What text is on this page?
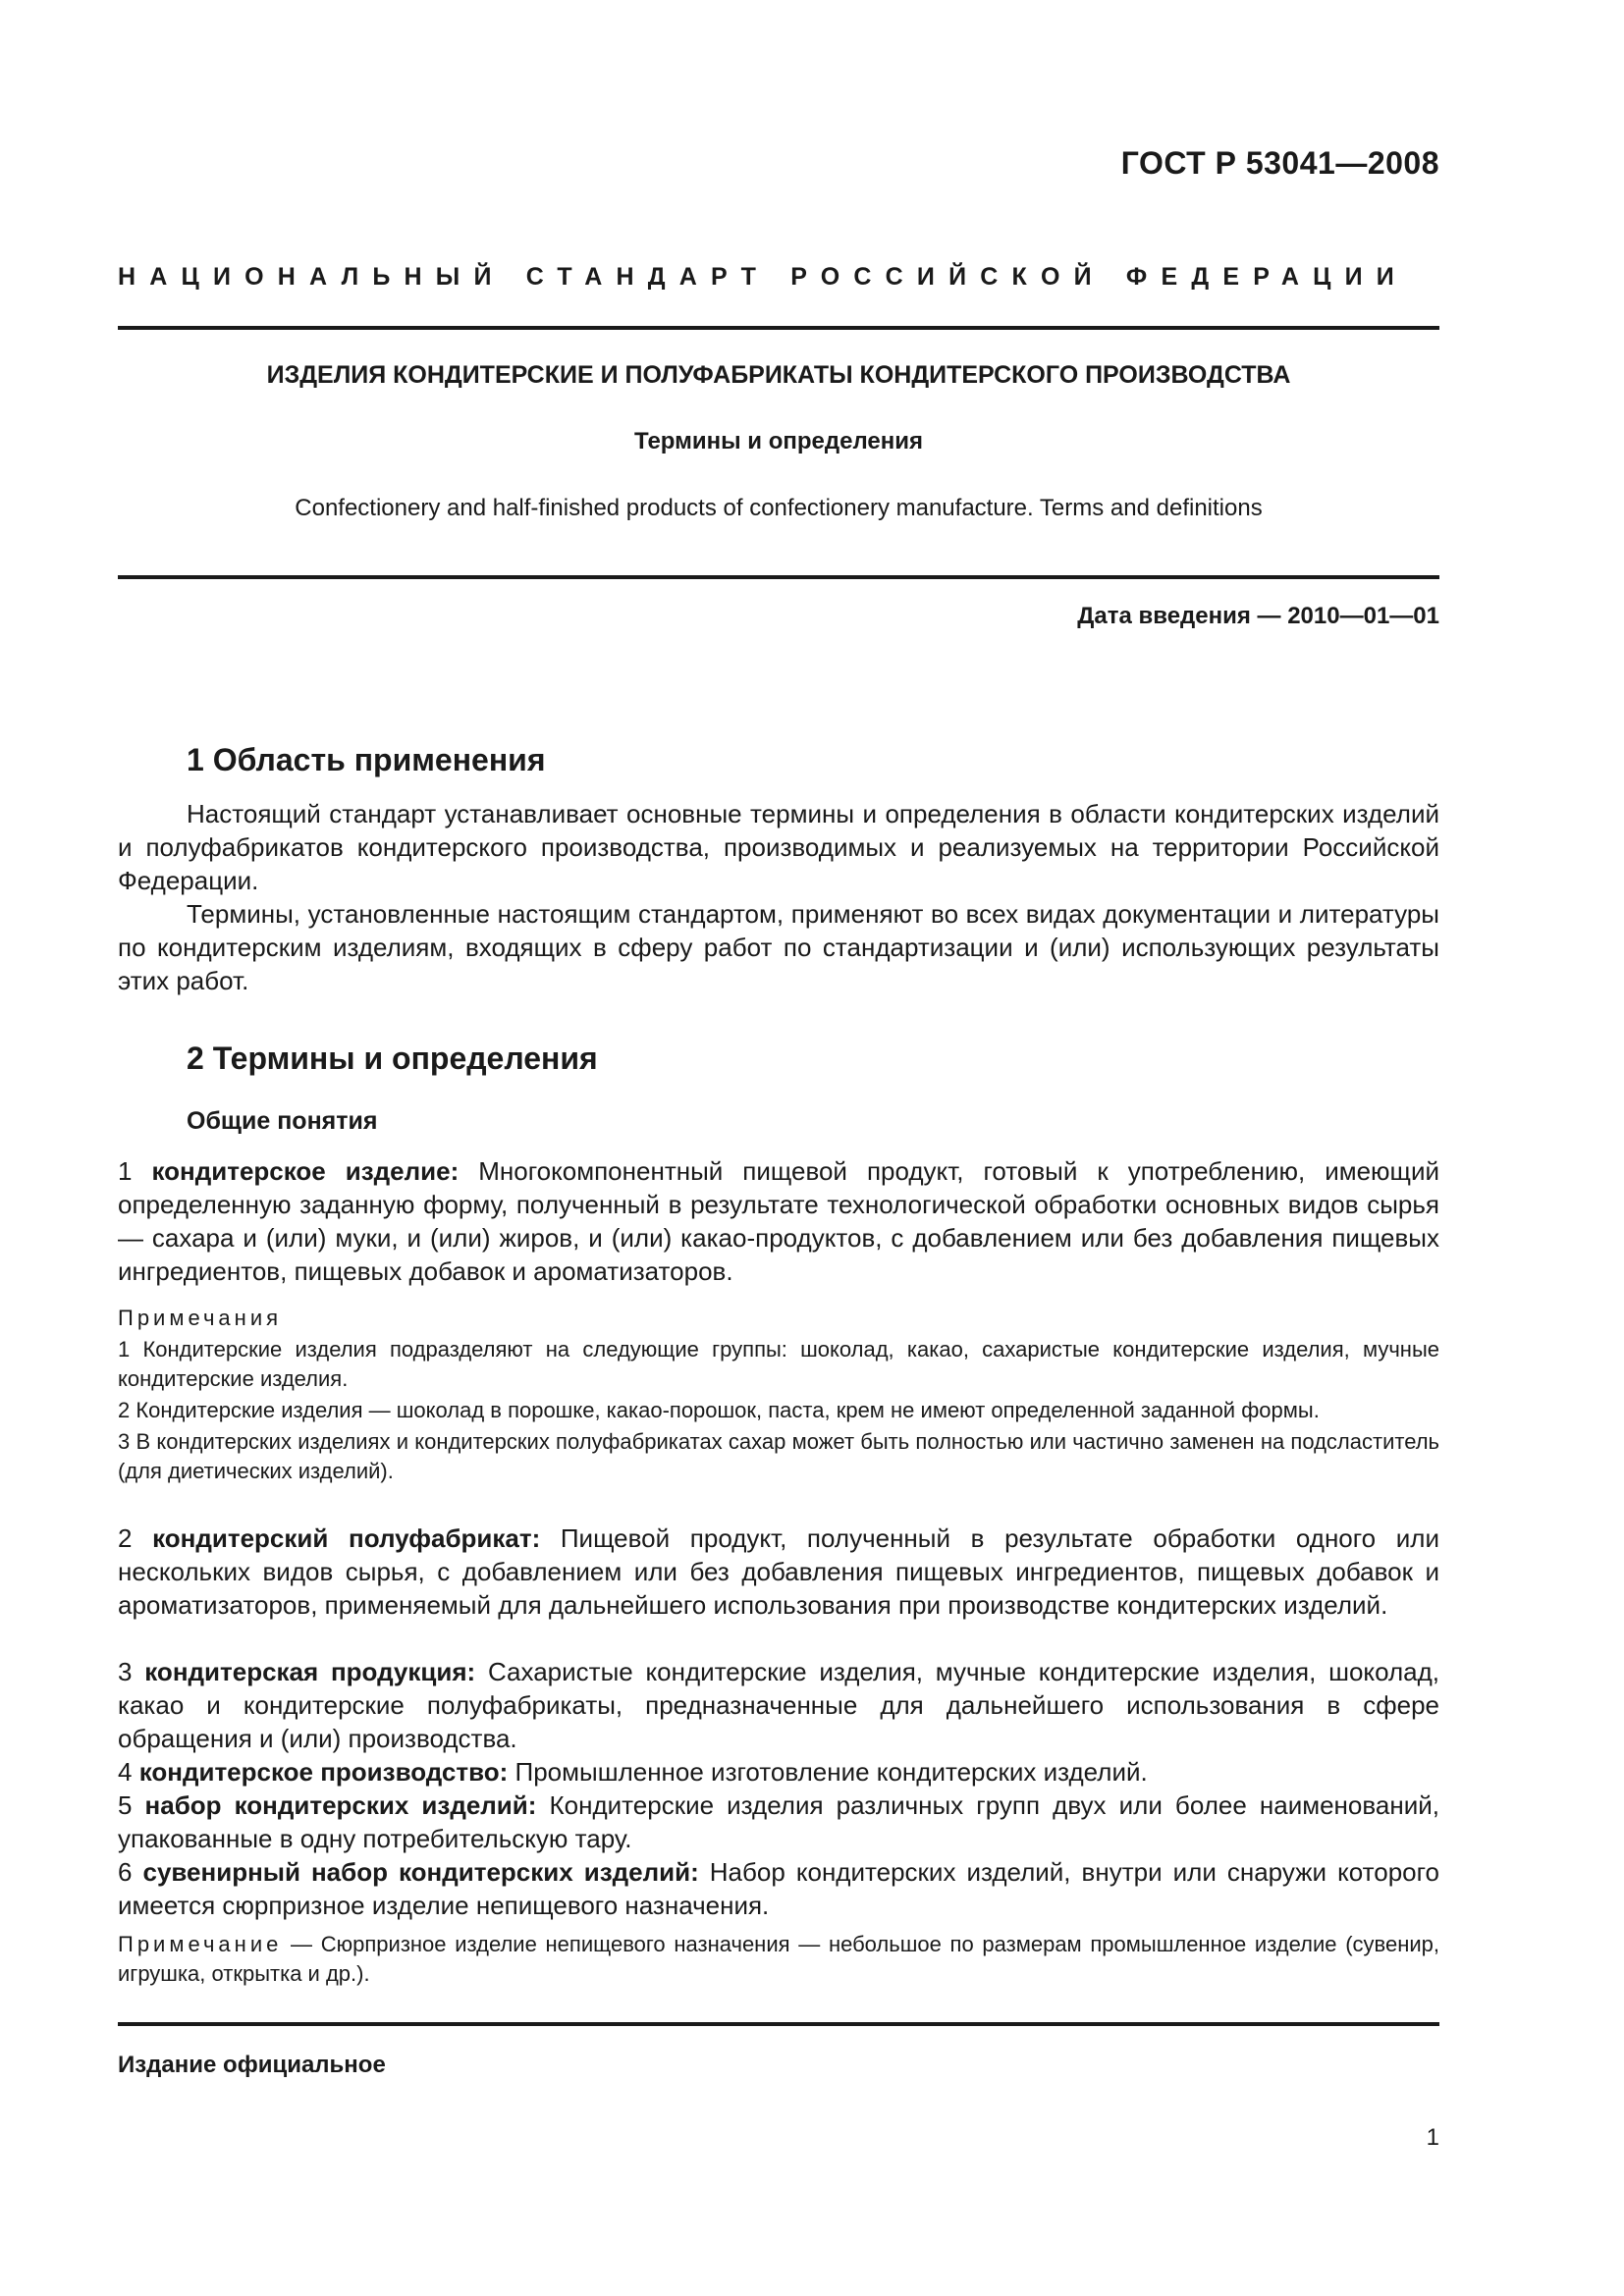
ГОСТ Р 53041—2008
НАЦИОНАЛЬНЫЙ СТАНДАРТ РОССИЙСКОЙ ФЕДЕРАЦИИ
ИЗДЕЛИЯ КОНДИТЕРСКИЕ И ПОЛУФАБРИКАТЫ КОНДИТЕРСКОГО ПРОИЗВОДСТВА
Термины и определения
Confectionery and half-finished products of confectionery manufacture. Terms and definitions
Дата введения — 2010—01—01
1 Область применения
Настоящий стандарт устанавливает основные термины и определения в области кондитерских изделий и полуфабрикатов кондитерского производства, производимых и реализуемых на территории Российской Федерации.
Термины, установленные настоящим стандартом, применяют во всех видах документации и литературы по кондитерским изделиям, входящих в сферу работ по стандартизации и (или) использующих результаты этих работ.
2 Термины и определения
Общие понятия
1 кондитерское изделие: Многокомпонентный пищевой продукт, готовый к употреблению, имеющий определенную заданную форму, полученный в результате технологической обработки основных видов сырья — сахара и (или) муки, и (или) жиров, и (или) какао-продуктов, с добавлением или без добавления пищевых ингредиентов, пищевых добавок и ароматизаторов.
Примечания
1 Кондитерские изделия подразделяют на следующие группы: шоколад, какао, сахаристые кондитерские изделия, мучные кондитерские изделия.
2 Кондитерские изделия — шоколад в порошке, какао-порошок, паста, крем не имеют определенной заданной формы.
3 В кондитерских изделиях и кондитерских полуфабрикатах сахар может быть полностью или частично заменен на подсластитель (для диетических изделий).
2 кондитерский полуфабрикат: Пищевой продукт, полученный в результате обработки одного или нескольких видов сырья, с добавлением или без добавления пищевых ингредиентов, пищевых добавок и ароматизаторов, применяемый для дальнейшего использования при производстве кондитерских изделий.
3 кондитерская продукция: Сахаристые кондитерские изделия, мучные кондитерские изделия, шоколад, какао и кондитерские полуфабрикаты, предназначенные для дальнейшего использования в сфере обращения и (или) производства.
4 кондитерское производство: Промышленное изготовление кондитерских изделий.
5 набор кондитерских изделий: Кондитерские изделия различных групп двух или более наименований, упакованные в одну потребительскую тару.
6 сувенирный набор кондитерских изделий: Набор кондитерских изделий, внутри или снаружи которого имеется сюрпризное изделие непищевого назначения.
Примечание — Сюрпризное изделие непищевого назначения — небольшое по размерам промышленное изделие (сувенир, игрушка, открытка и др.).
Издание официальное
1
